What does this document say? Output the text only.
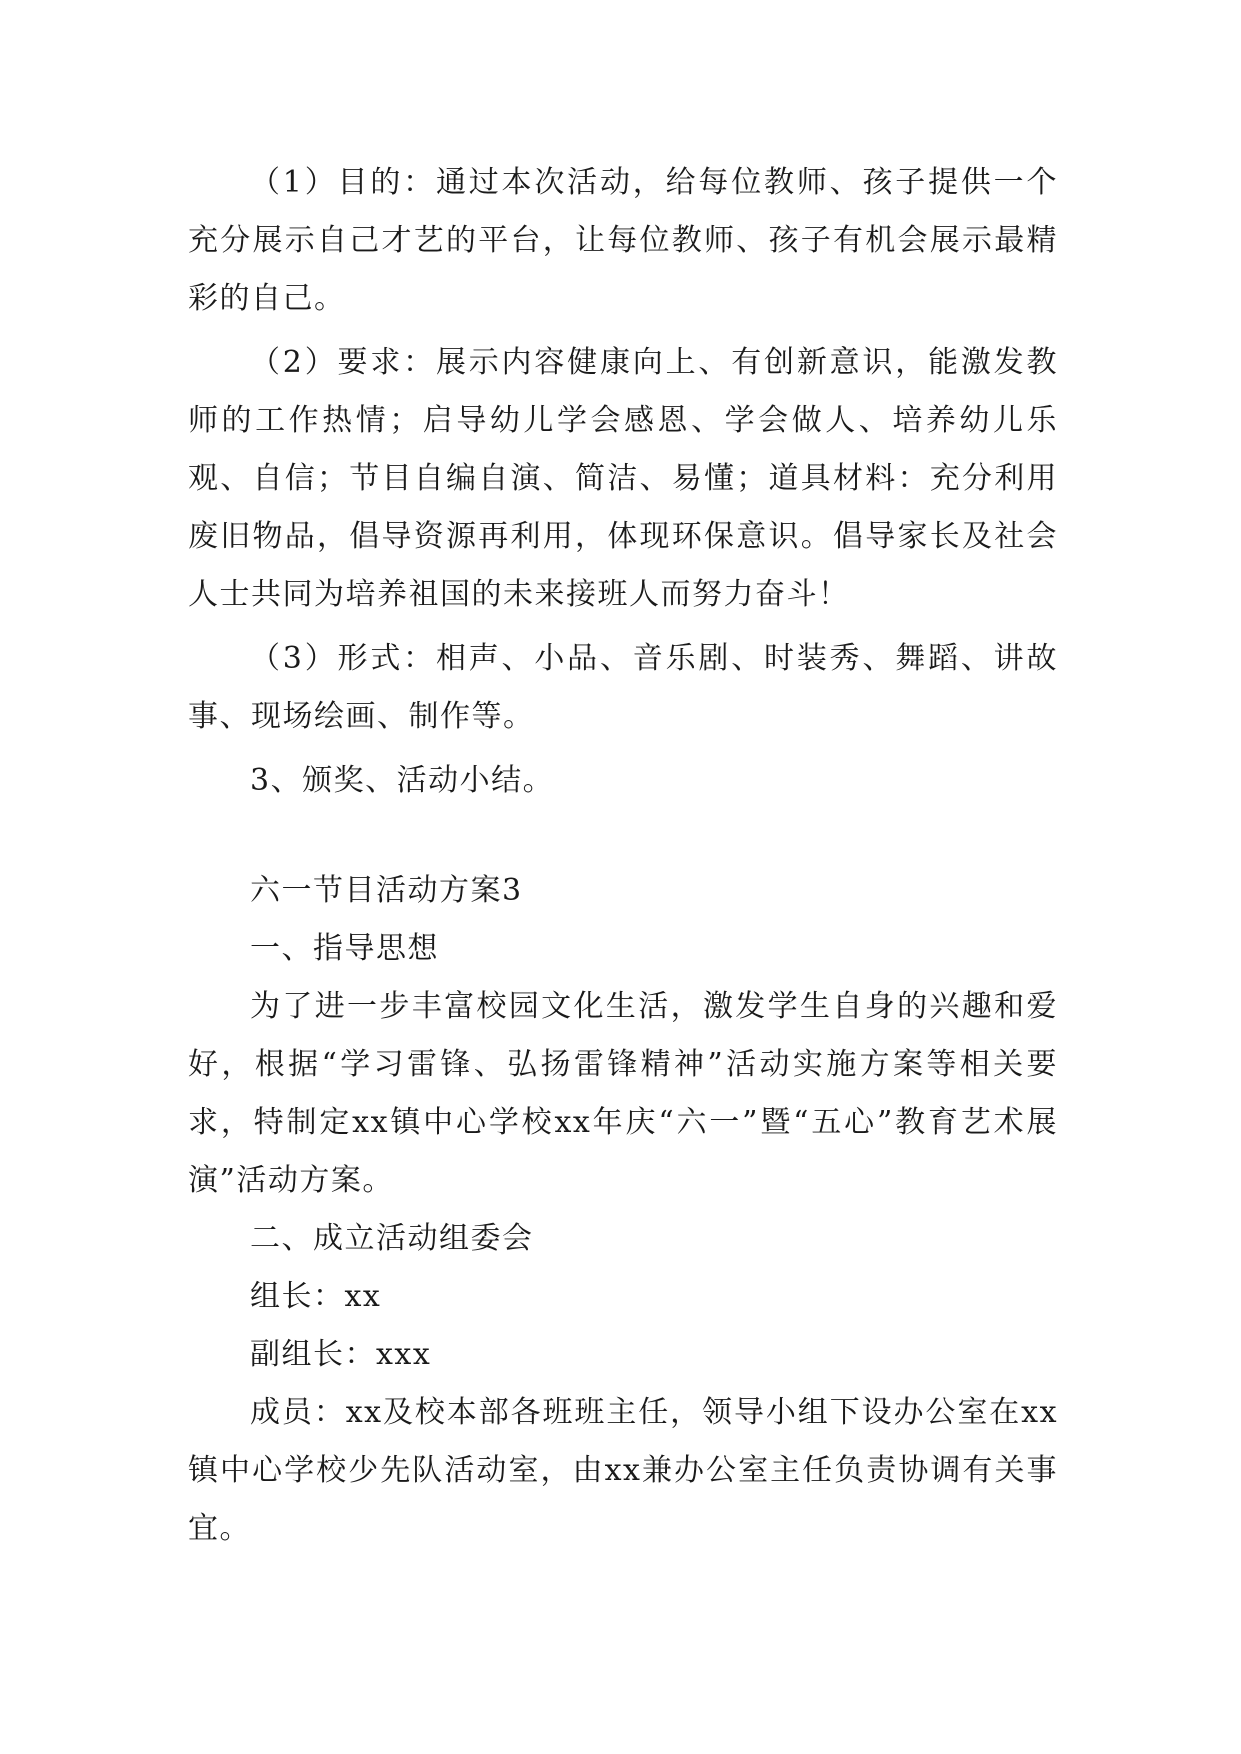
（1）目的：通过本次活动，给每位教师、孩子提供一个充分展示自己才艺的平台，让每位教师、孩子有机会展示最精彩的自己。

（2）要求：展示内容健康向上、有创新意识，能激发教师的工作热情；启导幼儿学会感恩、学会做人、培养幼儿乐观、自信；节目自编自演、简洁、易懂；道具材料：充分利用废旧物品，倡导资源再利用，体现环保意识。倡导家长及社会人士共同为培养祖国的未来接班人而努力奋斗！

（3）形式：相声、小品、音乐剧、时装秀、舞蹈、讲故事、现场绘画、制作等。

3、颁奖、活动小结。

六一节目活动方案3

一、指导思想

为了进一步丰富校园文化生活，激发学生自身的兴趣和爱好，根据“学习雷锋、弘扬雷锋精神”活动实施方案等相关要求，特制定xx镇中心学校xx年庆“六一”暨“五心”教育艺术展演”活动方案。

二、成立活动组委会

组长：xx

副组长：xxx

成员：xx及校本部各班班主任，领导小组下设办公室在xx镇中心学校少先队活动室，由xx兼办公室主任负责协调有关事宜。
